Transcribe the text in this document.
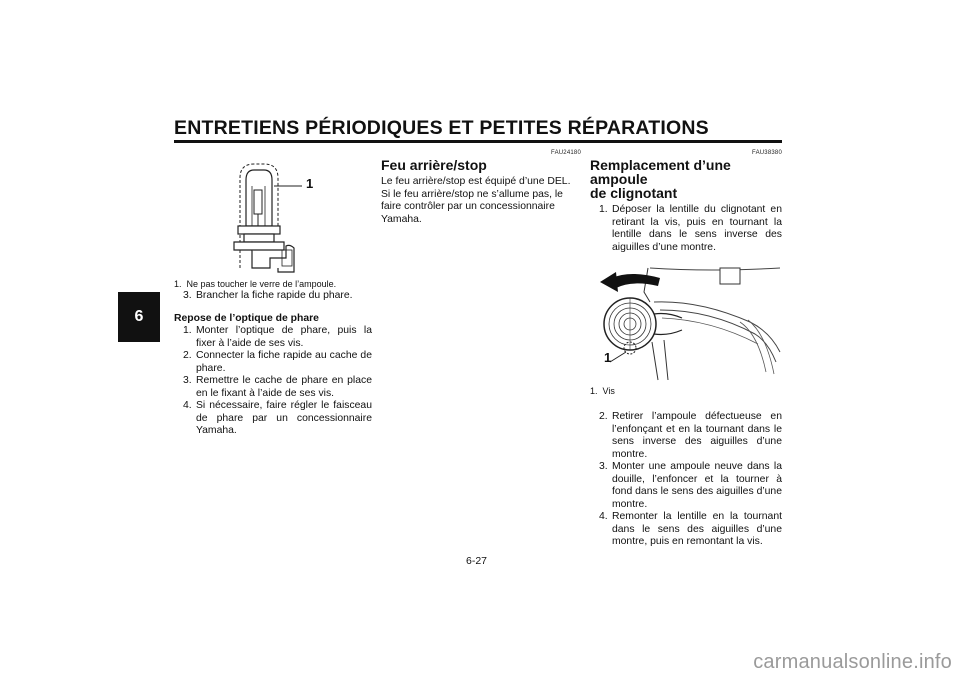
ENTRETIENS PÉRIODIQUES ET PETITES RÉPARATIONS
6
1
1. Ne pas toucher le verre de l’ampoule.
3. Brancher la fiche rapide du phare.
Repose de l’optique de phare
1. Monter l’optique de phare, puis la fixer à l’aide de ses vis.
2. Connecter la fiche rapide au cache de phare.
3. Remettre le cache de phare en place en le fixant à l’aide de ses vis.
4. Si nécessaire, faire régler le faisceau de phare par un concessionnaire Yamaha.
FAU24180
Feu arrière/stop
Le feu arrière/stop est équipé d’une DEL.
Si le feu arrière/stop ne s’allume pas, le faire contrôler par un concessionnaire Yamaha.
FAU38380
Remplacement d’une ampoule
de clignotant
1. Déposer la lentille du clignotant en retirant la vis, puis en tournant la lentille dans le sens inverse des aiguilles d’une montre.
1
1. Vis
2. Retirer l’ampoule défectueuse en l’enfonçant et en la tournant dans le sens inverse des aiguilles d’une montre.
3. Monter une ampoule neuve dans la douille, l’enfoncer et la tourner à fond dans le sens des aiguilles d’une montre.
4. Remonter la lentille en la tournant dans le sens des aiguilles d’une montre, puis en remontant la vis.
6-27
carmanualsonline.info
